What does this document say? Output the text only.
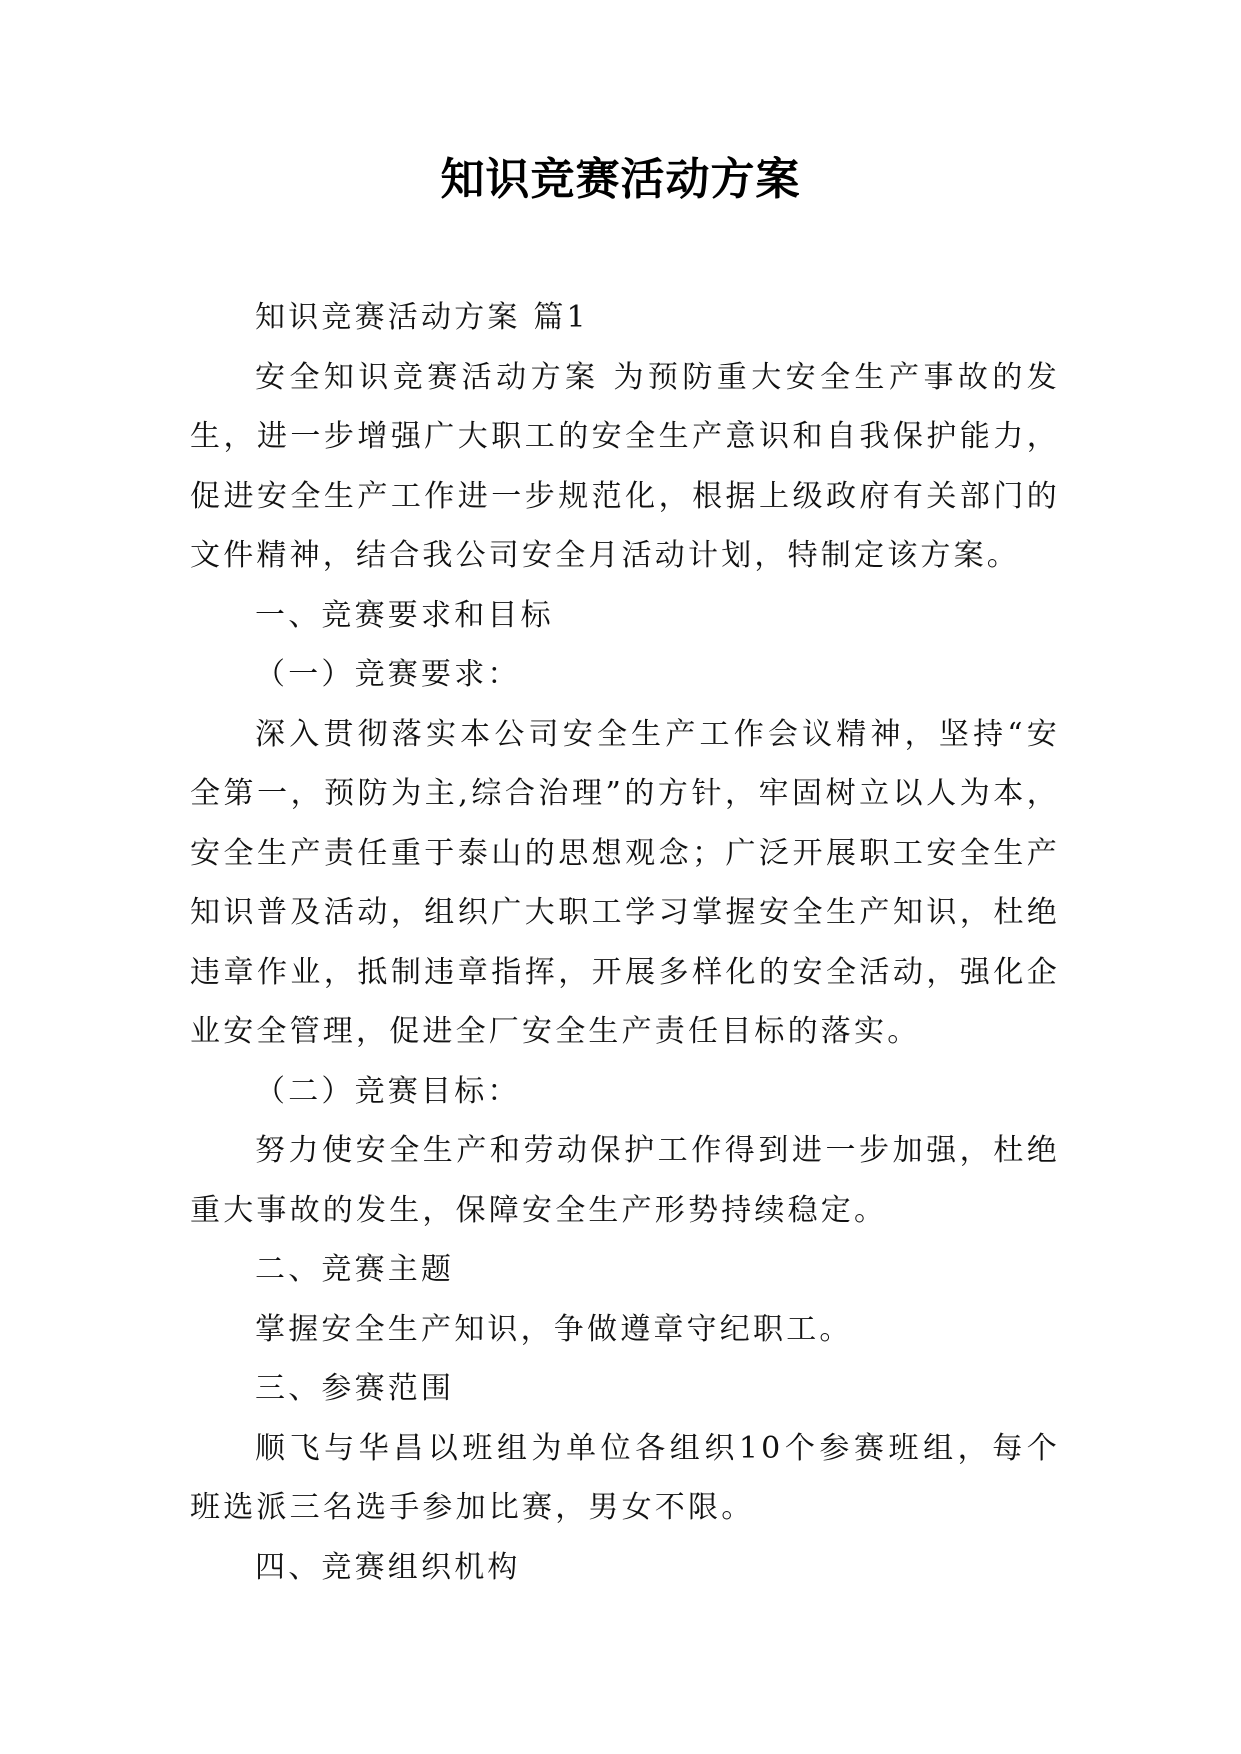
知识竞赛活动方案

知识竞赛活动方案 篇1

安全知识竞赛活动方案 为预防重大安全生产事故的发生，进一步增强广大职工的安全生产意识和自我保护能力，促进安全生产工作进一步规范化，根据上级政府有关部门的文件精神，结合我公司安全月活动计划，特制定该方案。

一、竞赛要求和目标

（一）竞赛要求：

深入贯彻落实本公司安全生产工作会议精神，坚持“安全第一，预防为主,综合治理”的方针，牢固树立以人为本，安全生产责任重于泰山的思想观念；广泛开展职工安全生产知识普及活动，组织广大职工学习掌握安全生产知识，杜绝违章作业，抵制违章指挥，开展多样化的安全活动，强化企业安全管理，促进全厂安全生产责任目标的落实。

（二）竞赛目标：

努力使安全生产和劳动保护工作得到进一步加强，杜绝重大事故的发生，保障安全生产形势持续稳定。

二、竞赛主题

掌握安全生产知识，争做遵章守纪职工。

三、参赛范围

顺飞与华昌以班组为单位各组织10个参赛班组，每个班选派三名选手参加比赛，男女不限。

四、竞赛组织机构
